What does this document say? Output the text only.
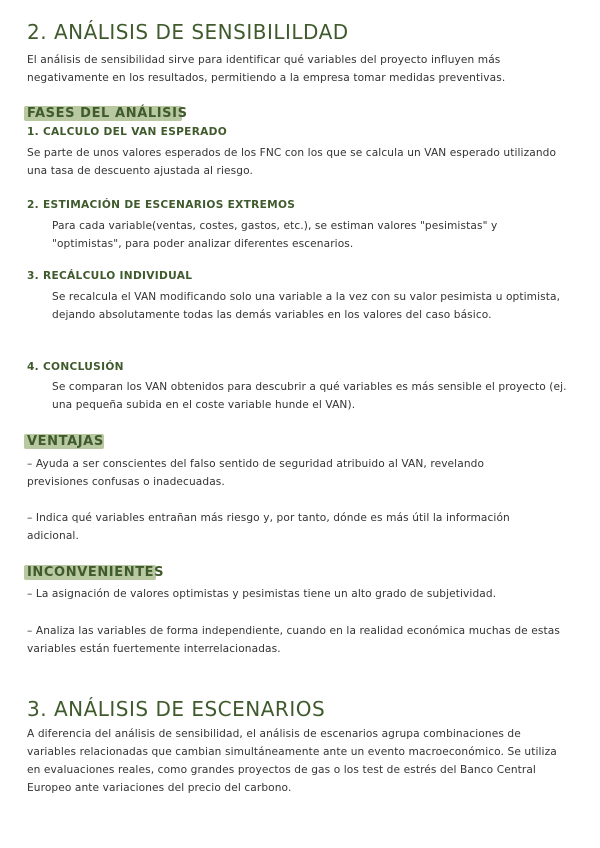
2. ANÁLISIS DE SENSIBILILDAD

El análisis de sensibilidad sirve para identificar qué variables del proyecto influyen más negativamente en los resultados, permitiendo a la empresa tomar medidas preventivas.

FASES DEL ANÁLISIS
1. CALCULO DEL VAN ESPERADO

Se parte de unos valores esperados de los FNC con los que se calcula un VAN esperado utilizando una tasa de descuento ajustada al riesgo.

2. ESTIMACIÓN DE ESCENARIOS EXTREMOS

Para cada variable(ventas, costes, gastos, etc.), se estiman valores "pesimistas" y "optimistas", para poder analizar diferentes escenarios.

3. RECÁLCULO INDIVIDUAL

Se recalcula el VAN modificando solo una variable a la vez con su valor pesimista u optimista, dejando absolutamente todas las demás variables en los valores del caso básico.

4. CONCLUSIÓN

Se comparan los VAN obtenidos para descubrir a qué variables es más sensible el proyecto (ej. una pequeña subida en el coste variable hunde el VAN).

VENTAJAS

– Ayuda a ser conscientes del falso sentido de seguridad atribuido al VAN, revelando previsiones confusas o inadecuadas.

– Indica qué variables entrañan más riesgo y, por tanto, dónde es más útil la información adicional.

INCONVENIENTES

– La asignación de valores optimistas y pesimistas tiene un alto grado de subjetividad.

– Analiza las variables de forma independiente, cuando en la realidad económica muchas de estas variables están fuertemente interrelacionadas.

3. ANÁLISIS DE ESCENARIOS

A diferencia del análisis de sensibilidad, el análisis de escenarios agrupa combinaciones de variables relacionadas que cambian simultáneamente ante un evento macroeconómico. Se utiliza en evaluaciones reales, como grandes proyectos de gas o los test de estrés del Banco Central Europeo ante variaciones del precio del carbono.
